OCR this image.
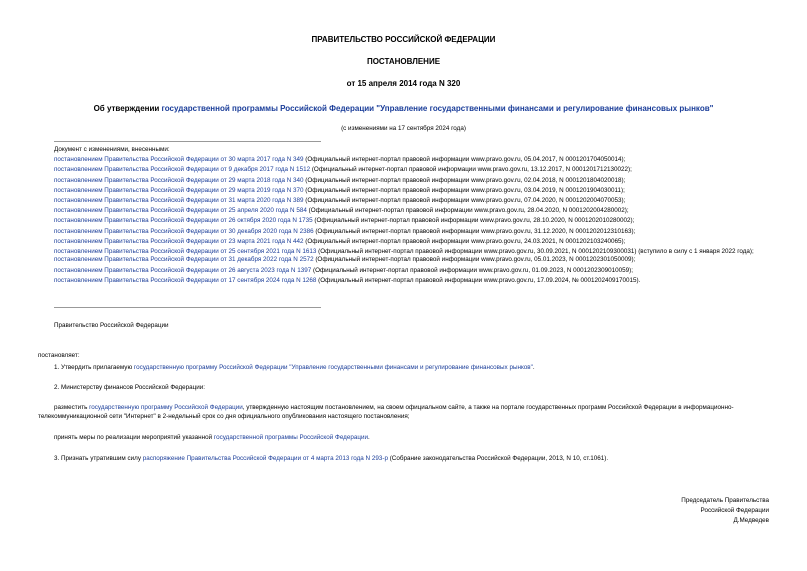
ПРАВИТЕЛЬСТВО РОССИЙСКОЙ ФЕДЕРАЦИИ
ПОСТАНОВЛЕНИЕ
от 15 апреля 2014 года N 320
Об утверждении государственной программы Российской Федерации "Управление государственными финансами и регулирование финансовых рынков"
(с изменениями на 17 сентября 2024 года)
Документ с изменениями, внесенными:
постановлением Правительства Российской Федерации от 30 марта 2017 года N 349 (Официальный интернет-портал правовой информации www.pravo.gov.ru, 05.04.2017, N 0001201704050014);
постановлением Правительства Российской Федерации от 9 декабря 2017 года N 1512 (Официальный интернет-портал правовой информации www.pravo.gov.ru, 13.12.2017, N 0001201712130022);
постановлением Правительства Российской Федерации от 29 марта 2018 года N 340 (Официальный интернет-портал правовой информации www.pravo.gov.ru, 02.04.2018, N 0001201804020018);
постановлением Правительства Российской Федерации от 29 марта 2019 года N 370 (Официальный интернет-портал правовой информации www.pravo.gov.ru, 03.04.2019, N 0001201904030011);
постановлением Правительства Российской Федерации от 31 марта 2020 года N 389 (Официальный интернет-портал правовой информации www.pravo.gov.ru, 07.04.2020, N 0001202004070053);
постановлением Правительства Российской Федерации от 25 апреля 2020 года N 584 (Официальный интернет-портал правовой информации www.pravo.gov.ru, 28.04.2020, N 0001202004280002);
постановлением Правительства Российской Федерации от 26 октября 2020 года N 1735 (Официальный интернет-портал правовой информации www.pravo.gov.ru, 28.10.2020, N 0001202010280002);
постановлением Правительства Российской Федерации от 30 декабря 2020 года N 2386 (Официальный интернет-портал правовой информации www.pravo.gov.ru, 31.12.2020, N 0001202012310163);
постановлением Правительства Российской Федерации от 23 марта 2021 года N 442 (Официальный интернет-портал правовой информации www.pravo.gov.ru, 24.03.2021, N 0001202103240065);
постановлением Правительства Российской Федерации от 25 сентября 2021 года N 1613 (Официальный интернет-портал правовой информации www.pravo.gov.ru, 30.09.2021, N 0001202109300031) (вступило в силу с 1 января 2022 года);
постановлением Правительства Российской Федерации от 31 декабря 2022 года N 2572 (Официальный интернет-портал правовой информации www.pravo.gov.ru, 05.01.2023, N 0001202301050009);
постановлением Правительства Российской Федерации от 26 августа 2023 года N 1397 (Официальный интернет-портал правовой информации www.pravo.gov.ru, 01.09.2023, N 0001202309010059);
постановлением Правительства Российской Федерации от 17 сентября 2024 года N 1268 (Официальный интернет-портал правовой информации www.pravo.gov.ru, 17.09.2024, № 0001202409170015).
Правительство Российской Федерации
постановляет:
1. Утвердить прилагаемую государственную программу Российской Федерации "Управление государственными финансами и регулирование финансовых рынков".
2. Министерству финансов Российской Федерации:
разместить государственную программу Российской Федерации, утвержденную настоящим постановлением, на своем официальном сайте, а также на портале государственных программ Российской Федерации в информационно-телекоммуникационной сети "Интернет" в 2-недельный срок со дня официального опубликования настоящего постановления;
принять меры по реализации мероприятий указанной государственной программы Российской Федерации.
3. Признать утратившим силу распоряжение Правительства Российской Федерации от 4 марта 2013 года N 293-р (Собрание законодательства Российской Федерации, 2013, N 10, ст.1061).
Председатель Правительства
Российской Федерации
Д.Медведев
